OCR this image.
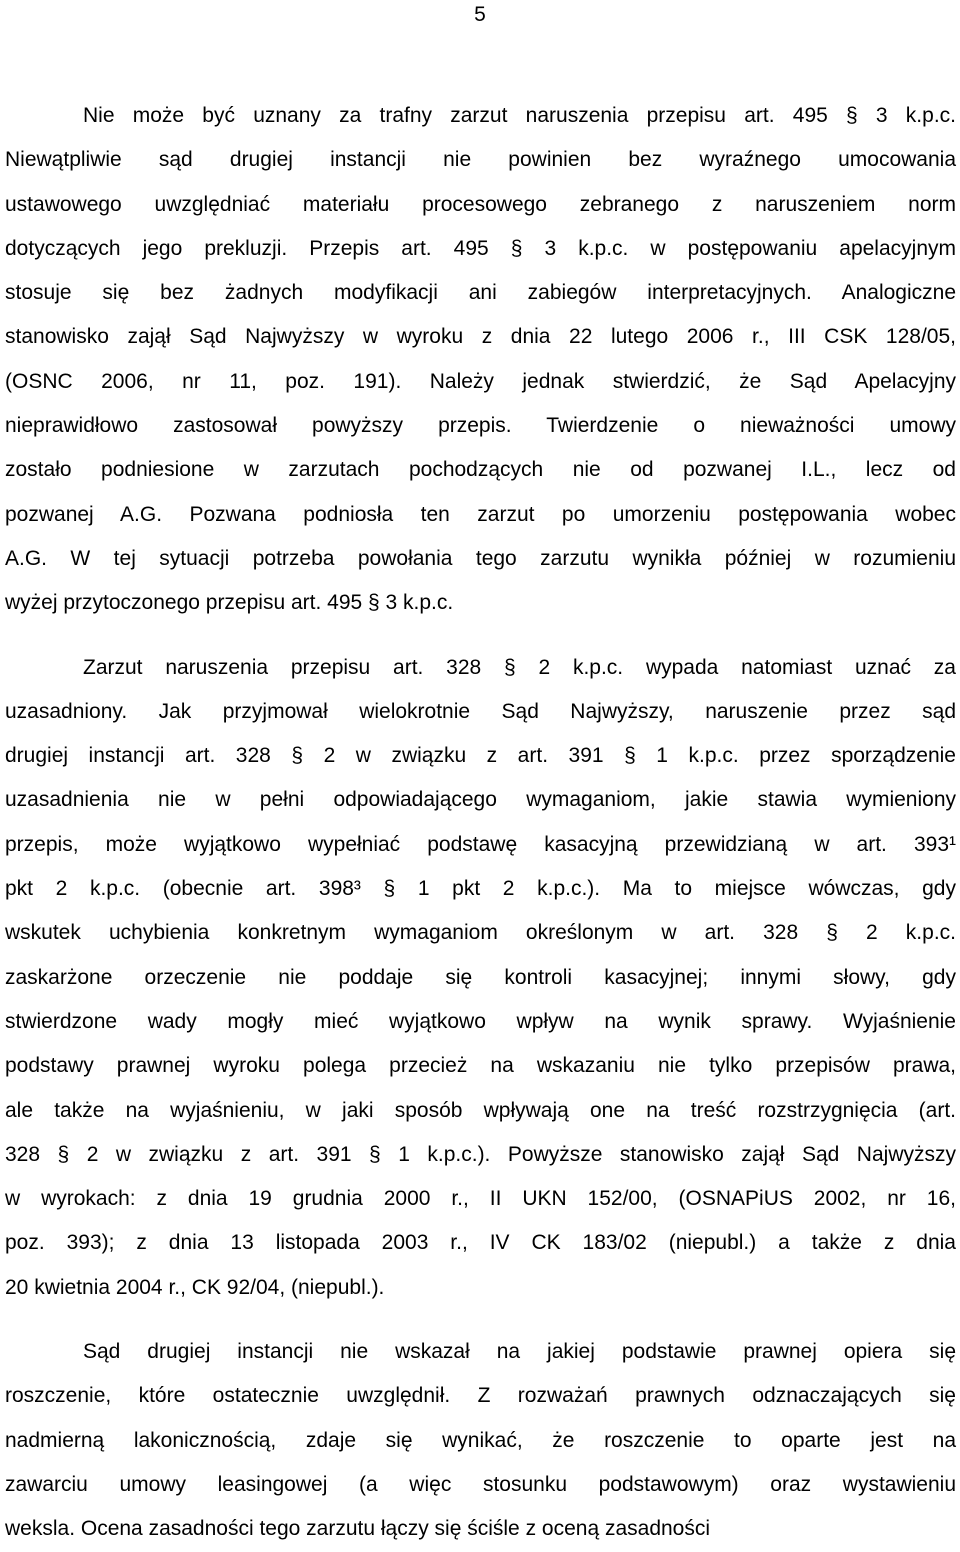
5
Nie może być uznany za trafny zarzut naruszenia przepisu art. 495 § 3 k.p.c.
Niewątpliwie sąd drugiej instancji nie powinien bez wyraźnego umocowania
ustawowego uwzględniać materiału procesowego zebranego z naruszeniem norm
dotyczących jego prekluzji. Przepis art. 495 § 3 k.p.c. w postępowaniu apelacyjnym
stosuje się bez żadnych modyfikacji ani zabiegów interpretacyjnych. Analogiczne
stanowisko zajął Sąd Najwyższy w wyroku z dnia 22 lutego 2006 r., III CSK 128/05,
(OSNC 2006, nr 11, poz. 191). Należy jednak stwierdzić, że Sąd Apelacyjny
nieprawidłowo zastosował powyższy przepis. Twierdzenie o nieważności umowy
zostało podniesione w zarzutach pochodzących nie od pozwanej I.L., lecz od
pozwanej A.G. Pozwana podniosła ten zarzut po umorzeniu postępowania wobec
A.G. W tej sytuacji potrzeba powołania tego zarzutu wynikła później w rozumieniu
wyżej przytoczonego przepisu art. 495 § 3 k.p.c.
Zarzut naruszenia przepisu art. 328 § 2 k.p.c. wypada natomiast uznać za
uzasadniony. Jak przyjmował wielokrotnie Sąd Najwyższy, naruszenie przez sąd
drugiej instancji art. 328 § 2 w związku z art. 391 § 1 k.p.c. przez sporządzenie
uzasadnienia nie w pełni odpowiadającego wymaganiom, jakie stawia wymieniony
przepis, może wyjątkowo wypełniać podstawę kasacyjną przewidzianą w art. 393¹
pkt 2 k.p.c. (obecnie art. 398³ § 1 pkt 2 k.p.c.). Ma to miejsce wówczas, gdy
wskutek uchybienia konkretnym wymaganiom określonym w art. 328 § 2 k.p.c.
zaskarżone orzeczenie nie poddaje się kontroli kasacyjnej; innymi słowy, gdy
stwierdzone wady mogły mieć wyjątkowo wpływ na wynik sprawy. Wyjaśnienie
podstawy prawnej wyroku polega przecież na wskazaniu nie tylko przepisów prawa,
ale także na wyjaśnieniu, w jaki sposób wpływają one na treść rozstrzygnięcia (art.
328 § 2 w związku z art. 391 § 1 k.p.c.). Powyższe stanowisko zajął Sąd Najwyższy
w wyrokach: z dnia 19 grudnia 2000 r., II UKN 152/00, (OSNAPiUS 2002, nr 16,
poz. 393); z dnia 13 listopada 2003 r., IV CK 183/02 (niepubl.) a także z dnia
20 kwietnia 2004 r., CK 92/04, (niepubl.).
Sąd drugiej instancji nie wskazał na jakiej podstawie prawnej opiera się
roszczenie, które ostatecznie uwzględnił. Z rozważań prawnych odznaczających się
nadmierną lakonicznością, zdaje się wynikać, że roszczenie to oparte jest na
zawarciu umowy leasingowej (a więc stosunku podstawowym) oraz wystawieniu
weksla. Ocena zasadności tego zarzutu łączy się ściśle z oceną zasadności
